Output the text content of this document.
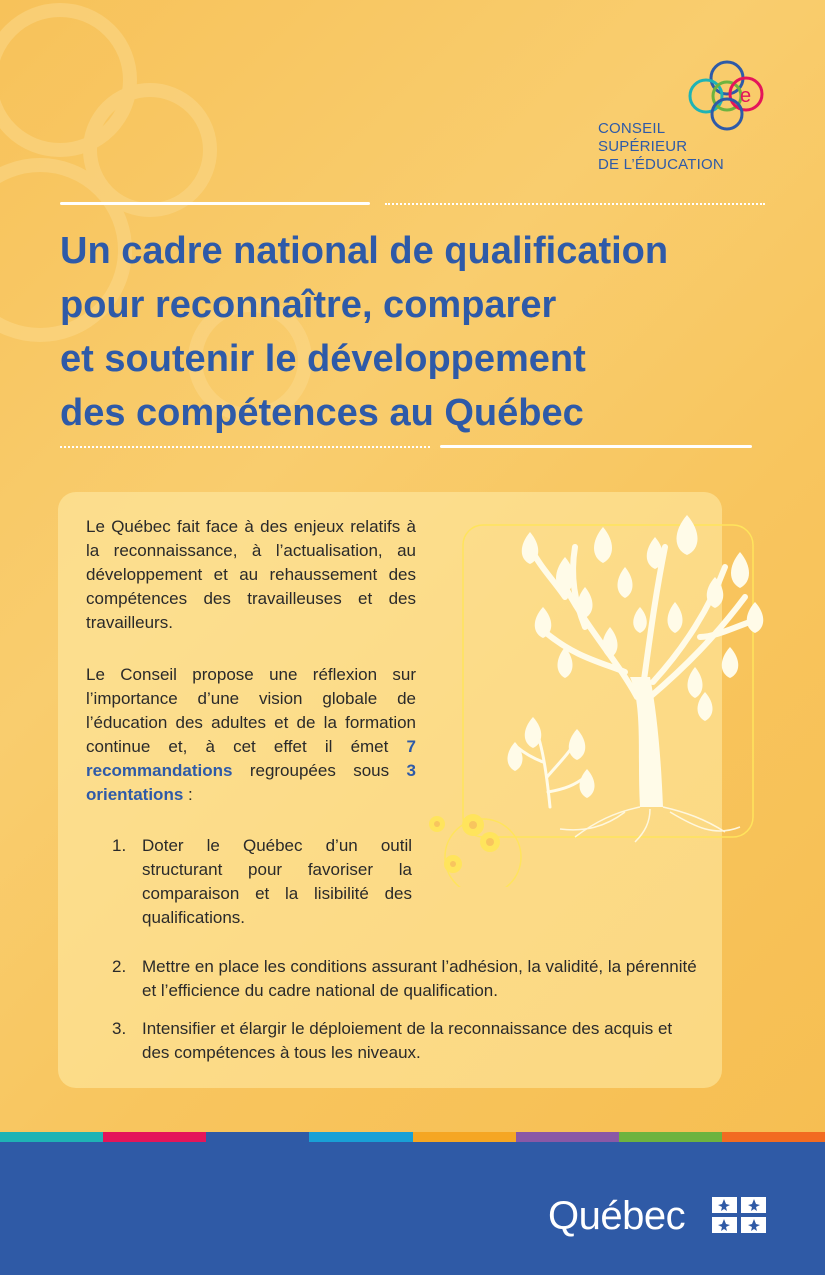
e
CONSEIL
SUPÉRIEUR
DE L’ÉDUCATION
Un cadre national de qualification
pour reconnaître, comparer
et soutenir le développement
des compétences au Québec
Le Québec fait face à des enjeux relatifs à la reconnaissance, à l’actualisation, au développement et au rehaussement des compétences des travailleuses et des travailleurs.
Le Conseil propose une réflexion sur l’importance d’une vision globale de l’éducation des adultes et de la formation continue et, à cet effet il émet 7 recommandations regroupées sous 3 orientations :
1. Doter le Québec d’un outil structurant pour favoriser la comparaison et la lisibilité des qualifications.
2. Mettre en place les conditions assurant l’adhésion, la validité, la pérennité et l’efficience du cadre national de qualification.
3. Intensifier et élargir le déploiement de la reconnaissance des acquis et des compétences à tous les niveaux.
Québec
